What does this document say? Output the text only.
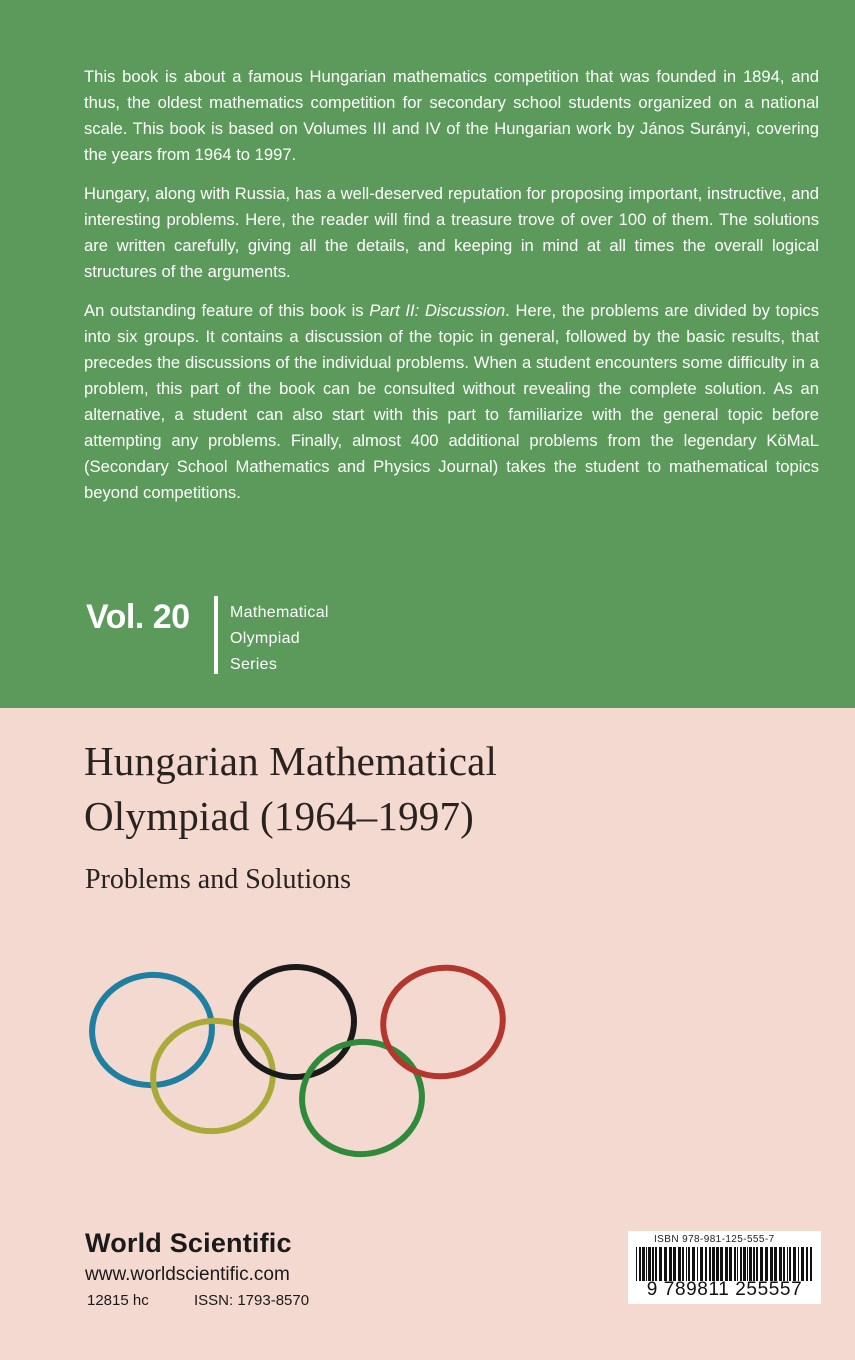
This book is about a famous Hungarian mathematics competition that was founded in 1894, and thus, the oldest mathematics competition for secondary school students organized on a national scale. This book is based on Volumes III and IV of the Hungarian work by János Surányi, covering the years from 1964 to 1997.

Hungary, along with Russia, has a well-deserved reputation for proposing important, instructive, and interesting problems. Here, the reader will find a treasure trove of over 100 of them. The solutions are written carefully, giving all the details, and keeping in mind at all times the overall logical structures of the arguments.

An outstanding feature of this book is Part II: Discussion. Here, the problems are divided by topics into six groups. It contains a discussion of the topic in general, followed by the basic results, that precedes the discussions of the individual problems. When a student encounters some difficulty in a problem, this part of the book can be consulted without revealing the complete solution. As an alternative, a student can also start with this part to familiarize with the general topic before attempting any problems. Finally, almost 400 additional problems from the legendary KöMaL (Secondary School Mathematics and Physics Journal) takes the student to mathematical topics beyond competitions.

Vol. 20	Mathematical
Olympiad
Series
Hungarian Mathematical
Olympiad (1964–1997)
Problems and Solutions
World Scientific
www.worldscientific.com
12815 hc	ISSN: 1793-8570
ISBN 978-981-125-555-7
9 789811 255557
